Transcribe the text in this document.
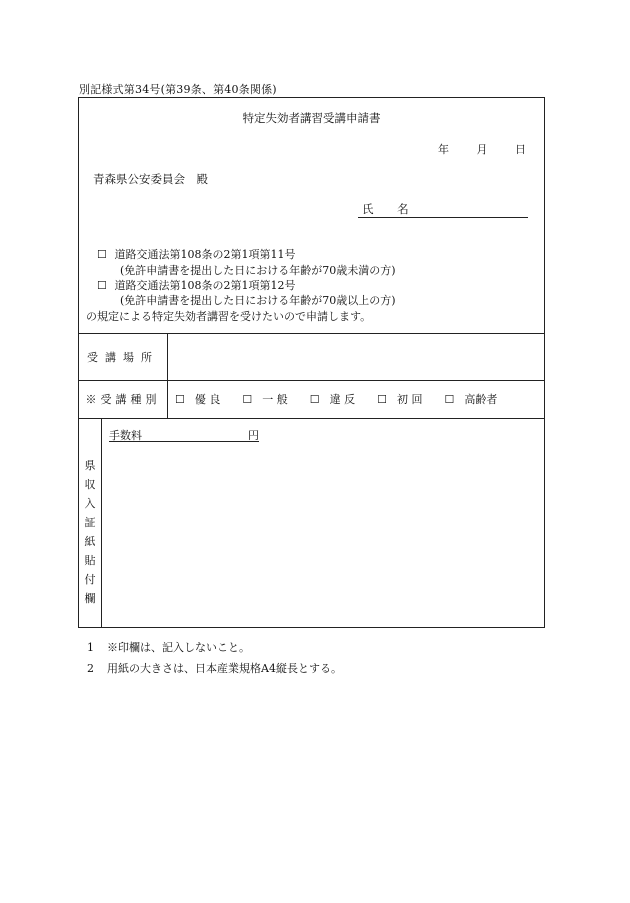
別記様式第34号(第39条、第40条関係)
特定失効者講習受講申請書
年	月	日
青森県公安委員会　殿
氏 名
☐ 道路交通法第108条の2第1項第11号
(免許申請書を提出した日における年齢が70歳未満の方)
☐ 道路交通法第108条の2第1項第12号
(免許申請書を提出した日における年齢が70歳以上の方)
の規定による特定失効者講習を受けたいので申請します。
受講場所
※受講種別	☐ 優 良 ☐ 一 般 ☐ 違 反 ☐ 初 回 ☐ 高齢者
県収入証紙貼付欄
手数料	円
1 ※印欄は、記入しないこと。
2 用紙の大きさは、日本産業規格A4縦長とする。
